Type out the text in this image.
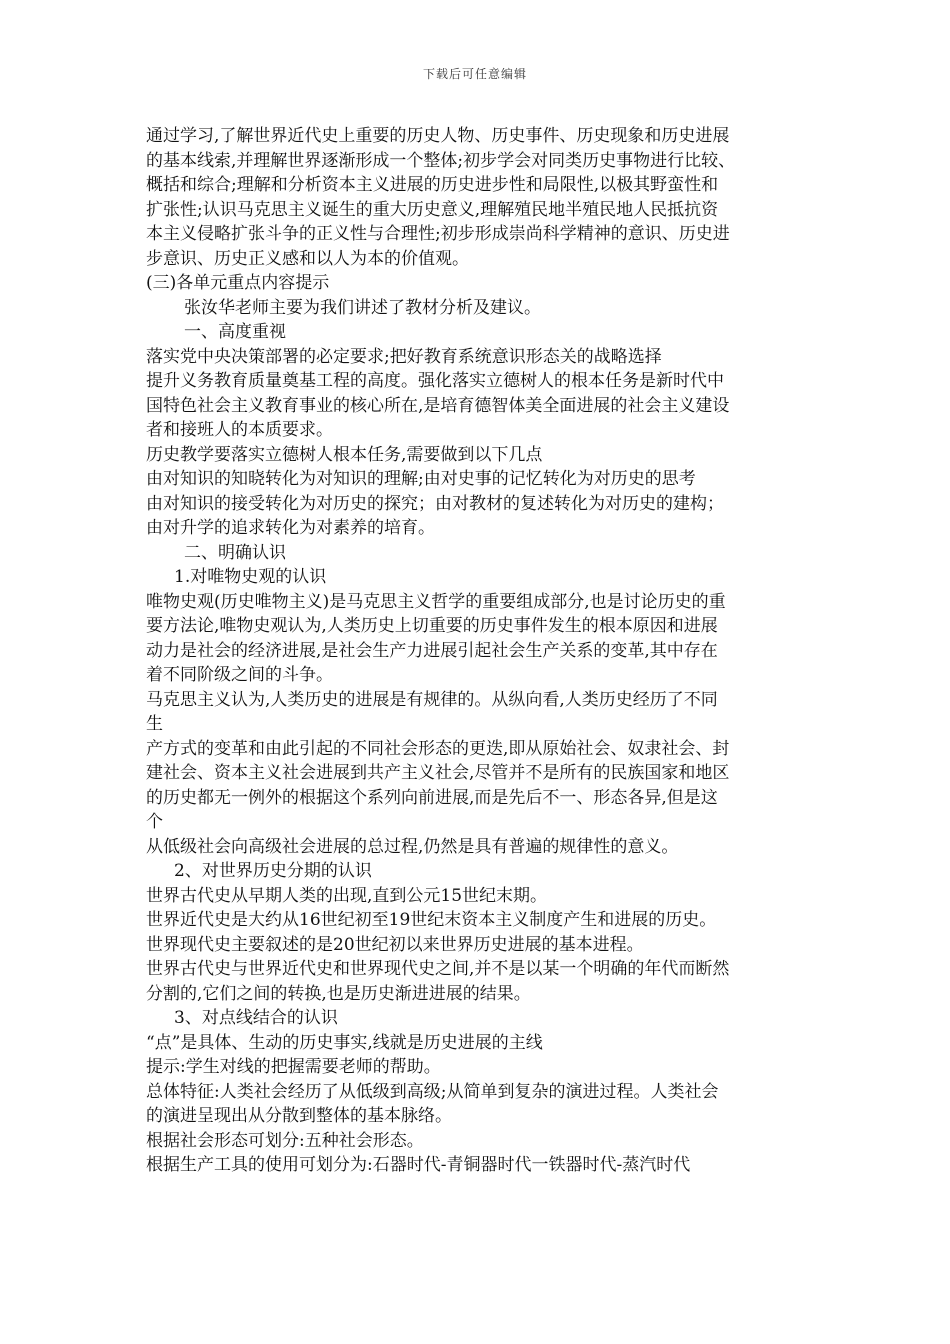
下载后可任意编辑

通过学习,了解世界近代史上重要的历史人物、历史事件、历史现象和历史进展

的基本线索,并理解世界逐渐形成一个整体;初步学会对同类历史事物进行比较、

概括和综合;理解和分析资本主义进展的历史进步性和局限性,以极其野蛮性和

扩张性;认识马克思主义诞生的重大历史意义,理解殖民地半殖民地人民抵抗资

本主义侵略扩张斗争的正义性与合理性;初步形成崇尚科学精神的意识、历史进

步意识、历史正义感和以人为本的价值观。

(三)各单元重点内容提示

张汝华老师主要为我们讲述了教材分析及建议。

一、高度重视

落实党中央决策部署的必定要求;把好教育系统意识形态关的战略选择

提升义务教育质量奠基工程的高度。强化落实立德树人的根本任务是新时代中

国特色社会主义教育事业的核心所在,是培育德智体美全面进展的社会主义建设

者和接班人的本质要求。

历史教学要落实立德树人根本任务,需要做到以下几点

由对知识的知晓转化为对知识的理解;由对史事的记忆转化为对历史的思考

由对知识的接受转化为对历史的探究；由对教材的复述转化为对历史的建构；

由对升学的追求转化为对素养的培育。

二、明确认识

1.对唯物史观的认识

唯物史观(历史唯物主义)是马克思主义哲学的重要组成部分,也是讨论历史的重

要方法论,唯物史观认为,人类历史上切重要的历史事件发生的根本原因和进展

动力是社会的经济进展,是社会生产力进展引起社会生产关系的变革,其中存在

着不同阶级之间的斗争。

马克思主义认为,人类历史的进展是有规律的。从纵向看,人类历史经历了不同

生

产方式的变革和由此引起的不同社会形态的更迭,即从原始社会、奴隶社会、封

建社会、资本主义社会进展到共产主义社会,尽管并不是所有的民族国家和地区

的历史都无一例外的根据这个系列向前进展,而是先后不一、形态各异,但是这

个

从低级社会向高级社会进展的总过程,仍然是具有普遍的规律性的意义。

2、对世界历史分期的认识

世界古代史从早期人类的出现,直到公元15世纪末期。

世界近代史是大约从16世纪初至19世纪末资本主义制度产生和进展的历史。

世界现代史主要叙述的是20世纪初以来世界历史进展的基本进程。

世界古代史与世界近代史和世界现代史之间,并不是以某一个明确的年代而断然

分割的,它们之间的转换,也是历史渐进进展的结果。

3、对点线结合的认识

“点”是具体、生动的历史事实,线就是历史进展的主线

提示:学生对线的把握需要老师的帮助。

总体特征:人类社会经历了从低级到高级;从简单到复杂的演进过程。人类社会

的演进呈现出从分散到整体的基本脉络。

根据社会形态可划分:五种社会形态。

根据生产工具的使用可划分为:石器时代-青铜器时代一铁器时代-蒸汽时代
